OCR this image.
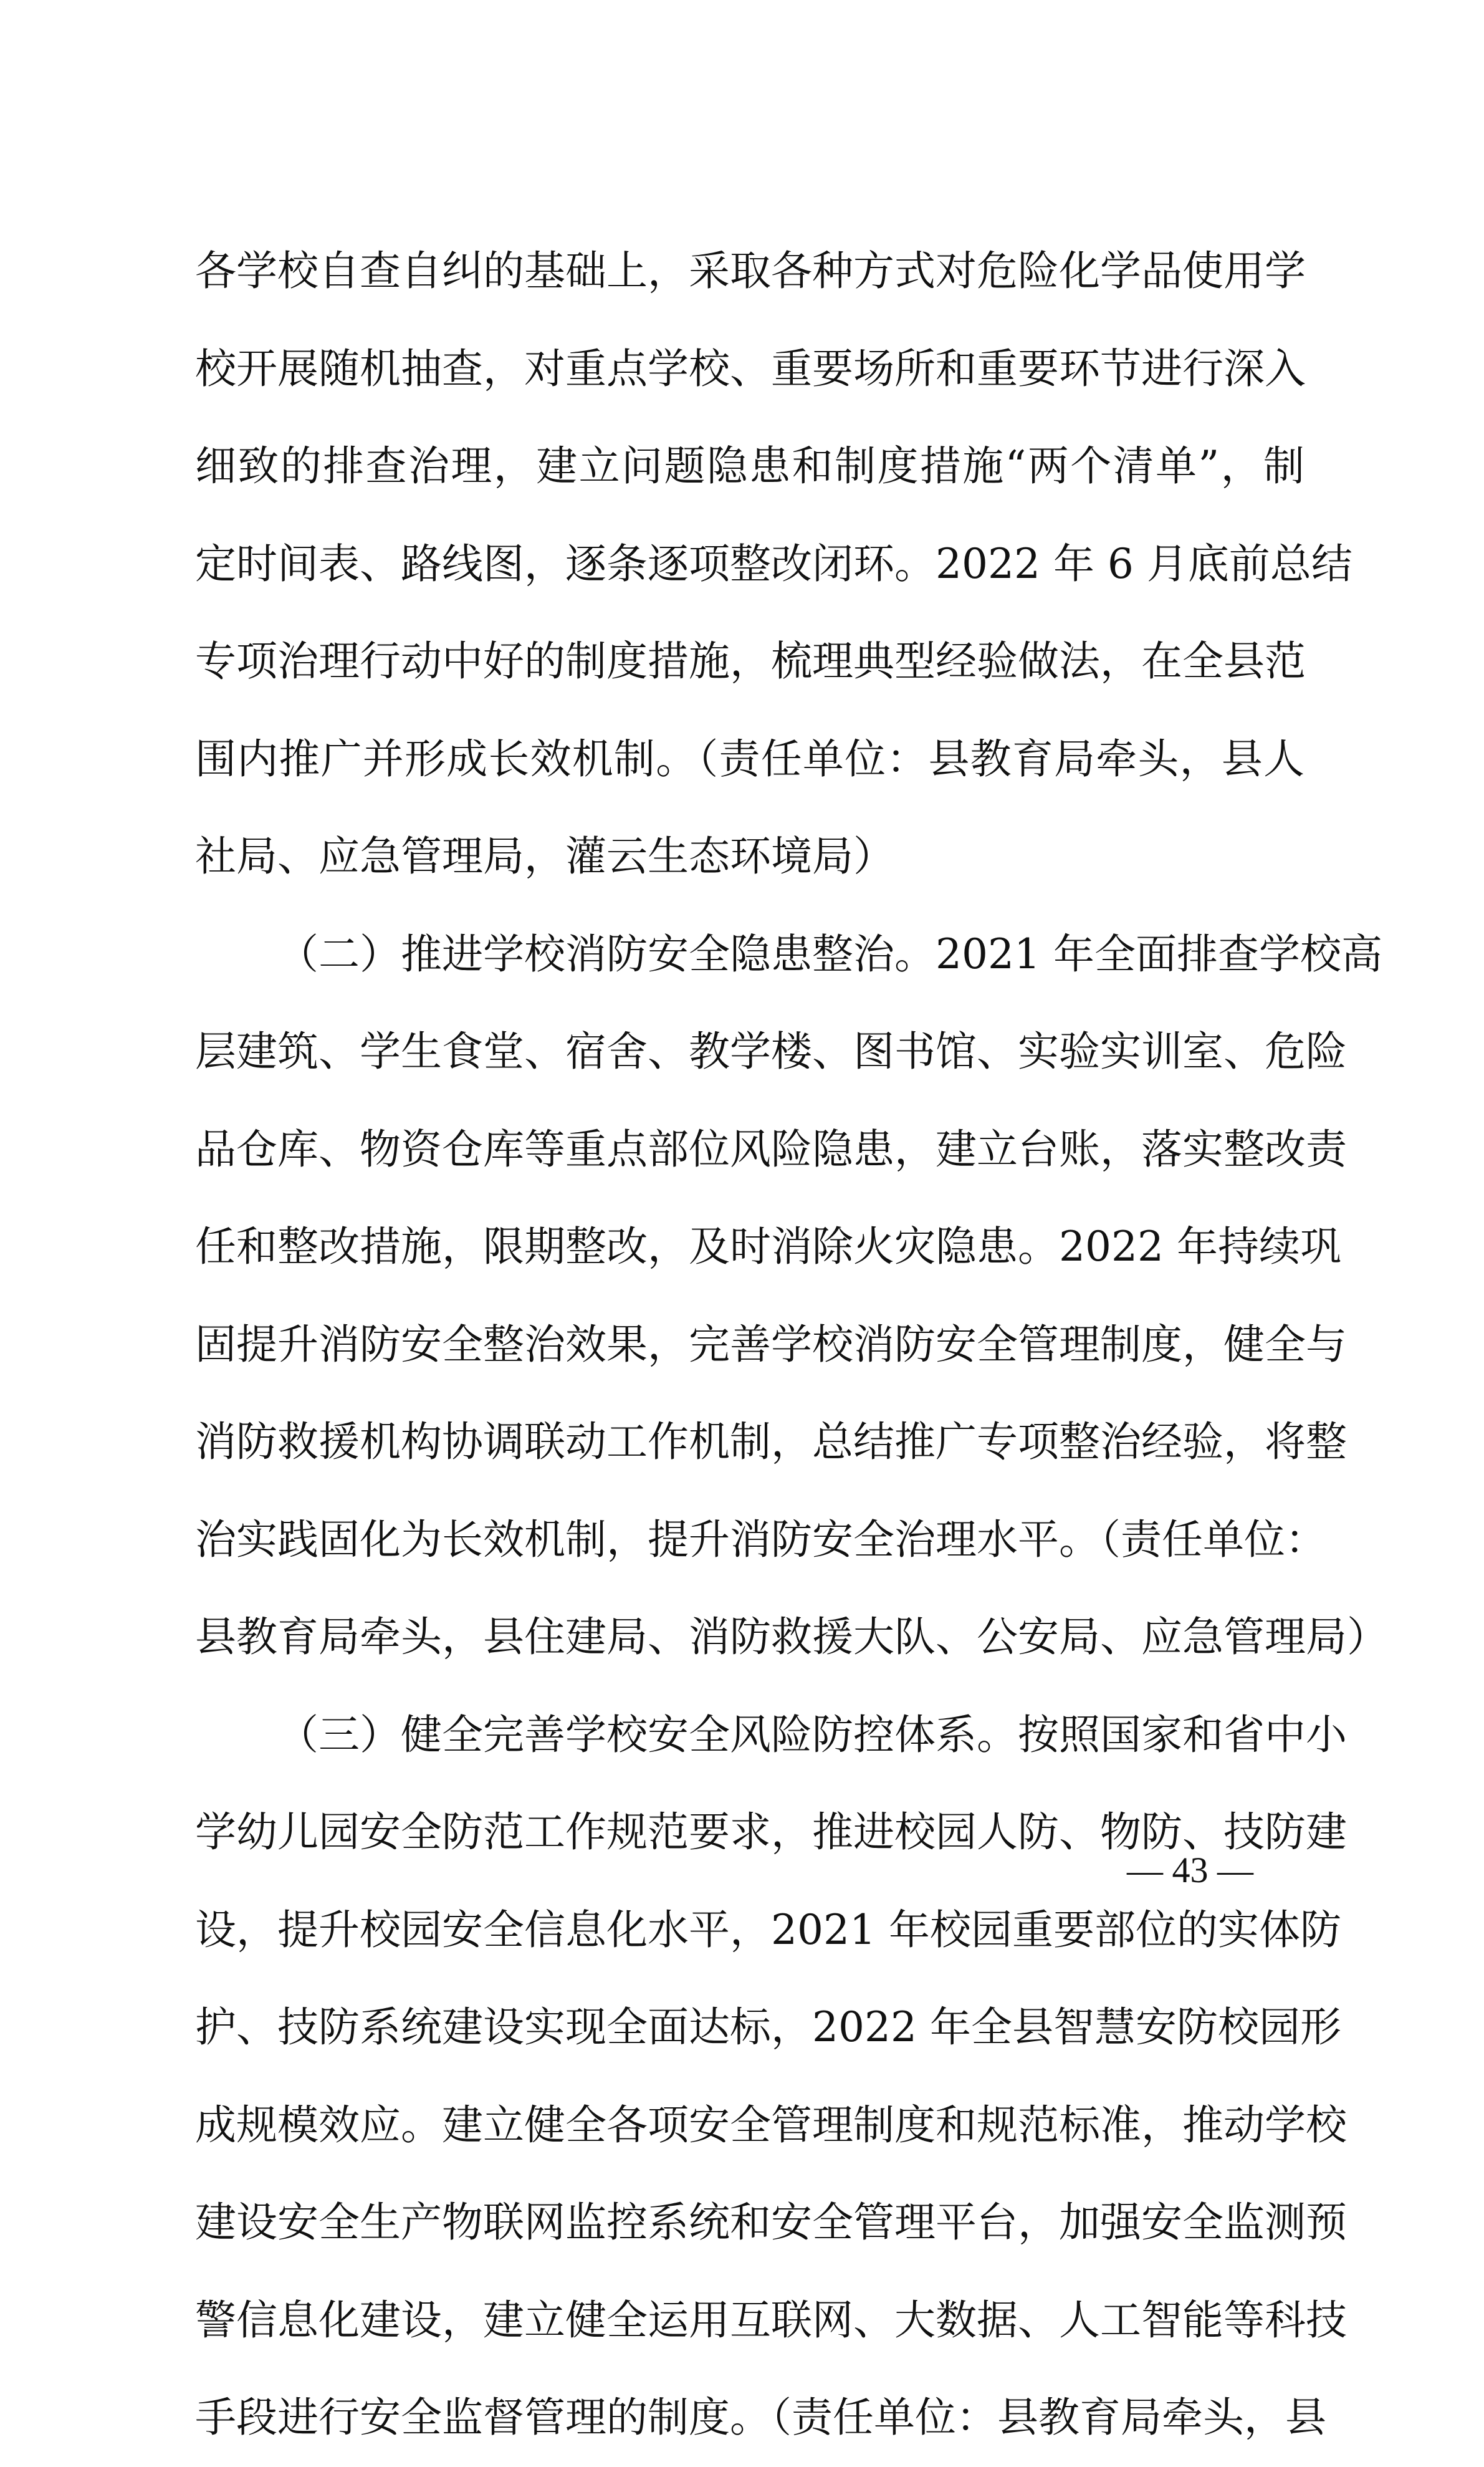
各学校自查自纠的基础上，采取各种方式对危险化学品使用学
校开展随机抽查，对重点学校、重要场所和重要环节进行深入
细致的排查治理，建立问题隐患和制度措施“两个清单”，制
定时间表、路线图，逐条逐项整改闭环。2022 年 6 月底前总结
专项治理行动中好的制度措施，梳理典型经验做法，在全县范
围内推广并形成长效机制。（责任单位：县教育局牵头，县人
社局、应急管理局，灌云生态环境局）
（二）推进学校消防安全隐患整治。2021 年全面排查学校高
层建筑、学生食堂、宿舍、教学楼、图书馆、实验实训室、危险
品仓库、物资仓库等重点部位风险隐患，建立台账，落实整改责
任和整改措施，限期整改，及时消除火灾隐患。2022 年持续巩
固提升消防安全整治效果，完善学校消防安全管理制度，健全与
消防救援机构协调联动工作机制，总结推广专项整治经验，将整
治实践固化为长效机制，提升消防安全治理水平。（责任单位：
县教育局牵头，县住建局、消防救援大队、公安局、应急管理局）
（三）健全完善学校安全风险防控体系。按照国家和省中小
学幼儿园安全防范工作规范要求，推进校园人防、物防、技防建
设，提升校园安全信息化水平，2021 年校园重要部位的实体防
护、技防系统建设实现全面达标，2022 年全县智慧安防校园形
成规模效应。建立健全各项安全管理制度和规范标准，推动学校
建设安全生产物联网监控系统和安全管理平台，加强安全监测预
警信息化建设，建立健全运用互联网、大数据、人工智能等科技
手段进行安全监督管理的制度。（责任单位：县教育局牵头，县
— 43 —
